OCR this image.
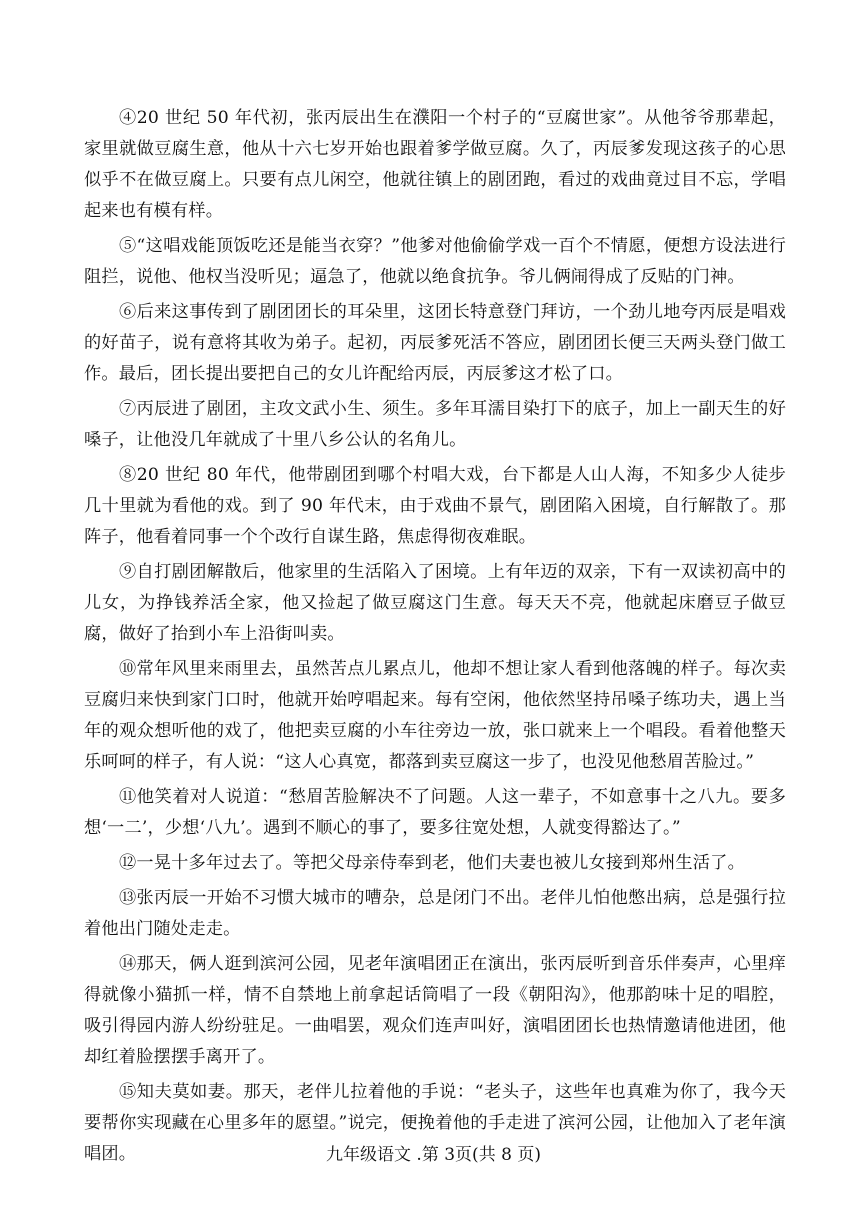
④20 世纪 50 年代初，张丙辰出生在濮阳一个村子的“豆腐世家”。从他爷爷那辈起，家里就做豆腐生意，他从十六七岁开始也跟着爹学做豆腐。久了，丙辰爹发现这孩子的心思似乎不在做豆腐上。只要有点儿闲空，他就往镇上的剧团跑，看过的戏曲竟过目不忘，学唱起来也有模有样。

⑤“这唱戏能顶饭吃还是能当衣穿？”他爹对他偷偷学戏一百个不情愿，便想方设法进行阻拦，说他、他权当没听见；逼急了，他就以绝食抗争。爷儿俩闹得成了反贴的门神。

⑥后来这事传到了剧团团长的耳朵里，这团长特意登门拜访，一个劲儿地夸丙辰是唱戏的好苗子，说有意将其收为弟子。起初，丙辰爹死活不答应，剧团团长便三天两头登门做工作。最后，团长提出要把自己的女儿许配给丙辰，丙辰爹这才松了口。

⑦丙辰进了剧团，主攻文武小生、须生。多年耳濡目染打下的底子，加上一副天生的好嗓子，让他没几年就成了十里八乡公认的名角儿。

⑧20 世纪 80 年代，他带剧团到哪个村唱大戏，台下都是人山人海，不知多少人徒步几十里就为看他的戏。到了 90 年代末，由于戏曲不景气，剧团陷入困境，自行解散了。那阵子，他看着同事一个个改行自谋生路，焦虑得彻夜难眠。

⑨自打剧团解散后，他家里的生活陷入了困境。上有年迈的双亲，下有一双读初高中的儿女，为挣钱养活全家，他又捡起了做豆腐这门生意。每天天不亮，他就起床磨豆子做豆腐，做好了抬到小车上沿街叫卖。

⑩常年风里来雨里去，虽然苦点儿累点儿，他却不想让家人看到他落魄的样子。每次卖豆腐归来快到家门口时，他就开始哼唱起来。每有空闲，他依然坚持吊嗓子练功夫，遇上当年的观众想听他的戏了，他把卖豆腐的小车往旁边一放，张口就来上一个唱段。看着他整天乐呵呵的样子，有人说：“这人心真宽，都落到卖豆腐这一步了，也没见他愁眉苦脸过。”

⑪他笑着对人说道：“愁眉苦脸解决不了问题。人这一辈子，不如意事十之八九。要多想‘一二’，少想‘八九’。遇到不顺心的事了，要多往宽处想，人就变得豁达了。”

⑫一晃十多年过去了。等把父母亲侍奉到老，他们夫妻也被儿女接到郑州生活了。

⑬张丙辰一开始不习惯大城市的嘈杂，总是闭门不出。老伴儿怕他憋出病，总是强行拉着他出门随处走走。

⑭那天，俩人逛到滨河公园，见老年演唱团正在演出，张丙辰听到音乐伴奏声，心里痒得就像小猫抓一样，情不自禁地上前拿起话筒唱了一段《朝阳沟》，他那韵味十足的唱腔，吸引得园内游人纷纷驻足。一曲唱罢，观众们连声叫好，演唱团团长也热情邀请他进团，他却红着脸摆摆手离开了。

⑮知夫莫如妻。那天，老伴儿拉着他的手说：“老头子，这些年也真难为你了，我今天要帮你实现藏在心里多年的愿望。”说完，便挽着他的手走进了滨河公园，让他加入了老年演唱团。	九年级语文 .第 3页(共 8 页)
